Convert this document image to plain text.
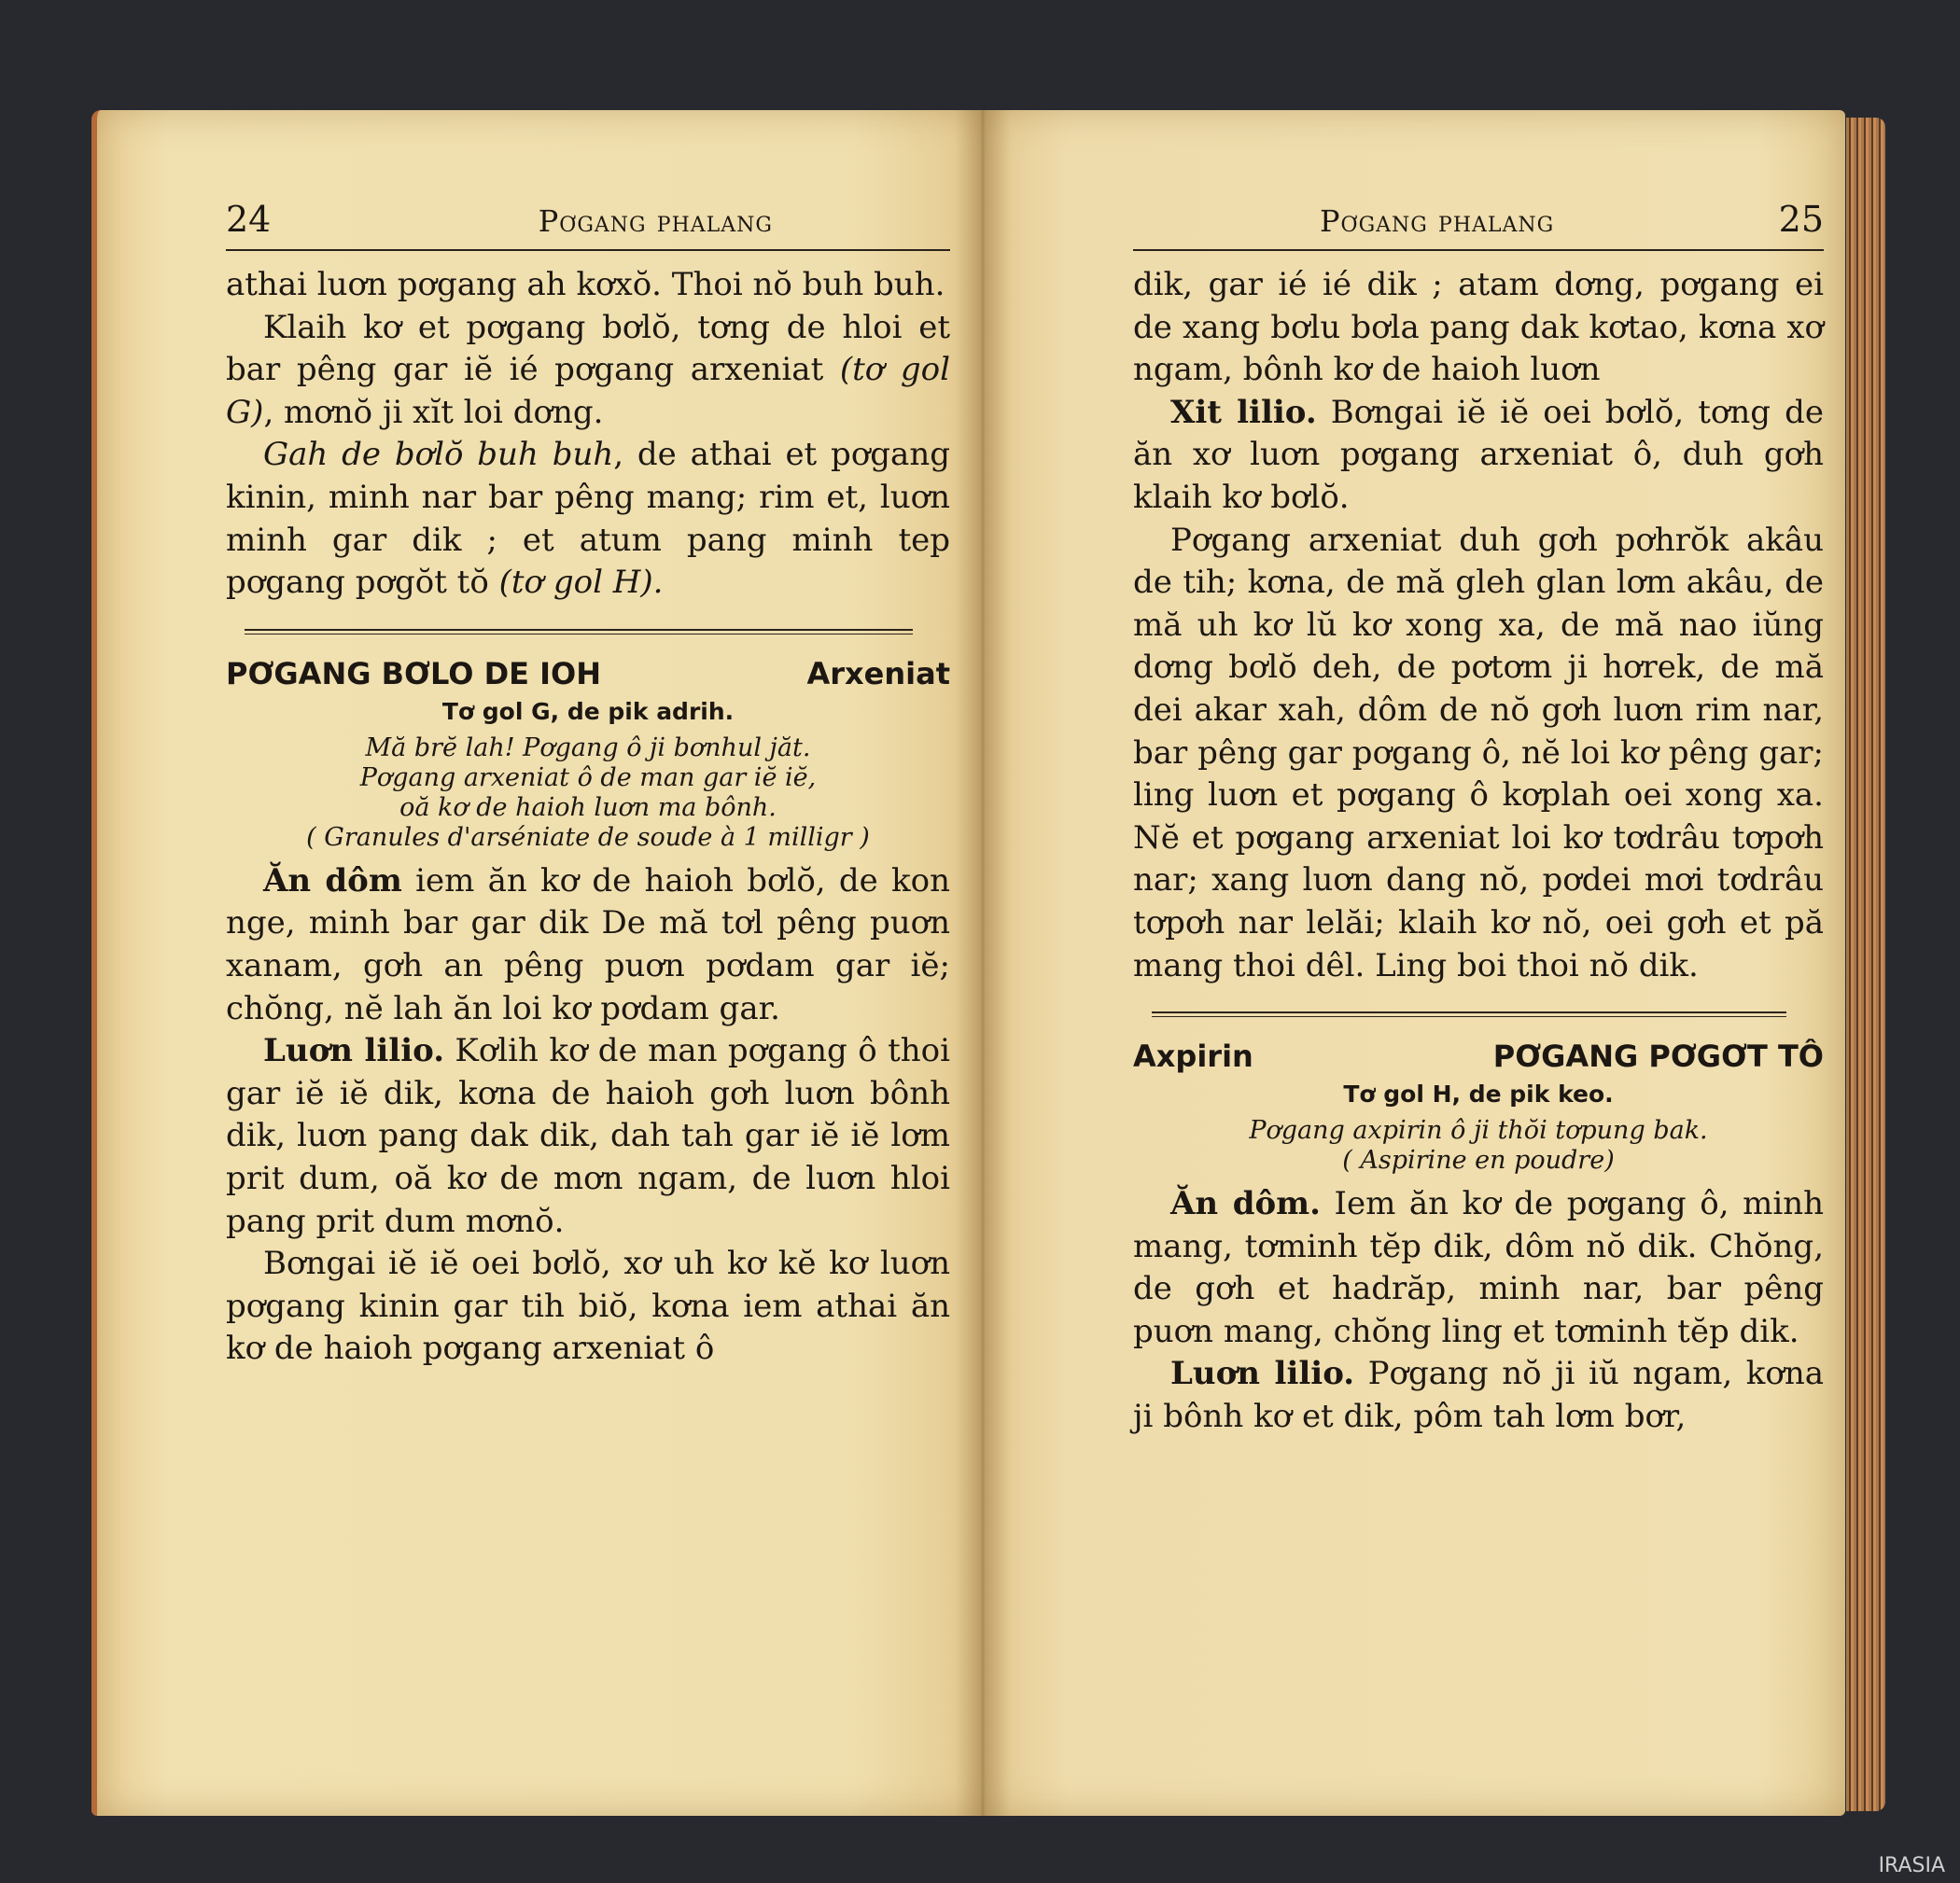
24	Pơgang phalang

athai luơn pơgang ah kơxŏ. Thoi nŏ buh buh.

Klaih kơ et pơgang bơlŏ, tơng de hloi et bar pêng gar iĕ ié pơgang arxeniat (tơ gol G), mơnŏ ji xĭt loi dơng.

Gah de bơlŏ buh buh, de athai et pơgang kinin, minh nar bar pêng mang; rim et, luơn minh gar dik ; et atum pang minh tep pơgang pơgŏt tŏ (tơ gol H).

PƠGANG BƠLO DE IOH	Arxeniat
Tơ gol G, de pik adrih.
Mă brĕ lah! Pơgang ô ji bơnhul jăt.
Pơgang arxeniat ô de man gar iĕ iĕ,
oă kơ de haioh luơn ma bônh.
( Granules d'arséniate de soude à 1 milligr )

Ăn dôm iem ăn kơ de haioh bơlŏ, de kon nge, minh bar gar dik De mă tơl pêng puơn xanam, gơh an pêng puơn pơdam gar iĕ; chŏng, nĕ lah ăn loi kơ pơdam gar.

Luơn lilio. Kơlih kơ de man pơgang ô thoi gar iĕ iĕ dik, kơna de haioh gơh luơn bônh dik, luơn pang dak dik, dah tah gar iĕ iĕ lơm prit dum, oă kơ de mơn ngam, de luơn hloi pang prit dum mơnŏ.

Bơngai iĕ iĕ oei bơlŏ, xơ uh kơ kĕ kơ luơn pơgang kinin gar tih biŏ, kơna iem athai ăn kơ de haioh pơgang arxeniat ô

Pơgang phalang	25

dik, gar ié ié dik ; atam dơng, pơgang ei de xang bơlu bơla pang dak kơtao, kơna xơ ngam, bônh kơ de haioh luơn

Xit lilio. Bơngai iĕ iĕ oei bơlŏ, tơng de ăn xơ luơn pơgang arxeniat ô, duh gơh klaih kơ bơlŏ.

Pơgang arxeniat duh gơh pơhrŏk akâu de tih; kơna, de mă gleh glan lơm akâu, de mă uh kơ lŭ kơ xong xa, de mă nao iŭng dơng bơlŏ deh, de pơtơm ji hơrek, de mă dei akar xah, dôm de nŏ gơh luơn rim nar, bar pêng gar pơgang ô, nĕ loi kơ pêng gar; ling luơn et pơgang ô kơplah oei xong xa. Nĕ et pơgang arxeniat loi kơ tơdrâu tơpơh nar; xang luơn dang nŏ, pơdei mơi tơdrâu tơpơh nar lelăi; klaih kơ nŏ, oei gơh et pă mang thoi dêl. Ling boi thoi nŏ dik.

Axpirin	PƠGANG PƠGƠT TÔ
Tơ gol H, de pik keo.
Pơgang axpirin ô ji thŏi tơpung bak.
( Aspirine en poudre)

Ăn dôm. Iem ăn kơ de pơgang ô, minh mang, tơminh tĕp dik, dôm nŏ dik. Chŏng, de gơh et hadrăp, minh nar, bar pêng puơn mang, chŏng ling et tơminh tĕp dik.

Luơn lilio. Pơgang nŏ ji iŭ ngam, kơna ji bônh kơ et dik, pôm tah lơm bơr,

IRASIA
